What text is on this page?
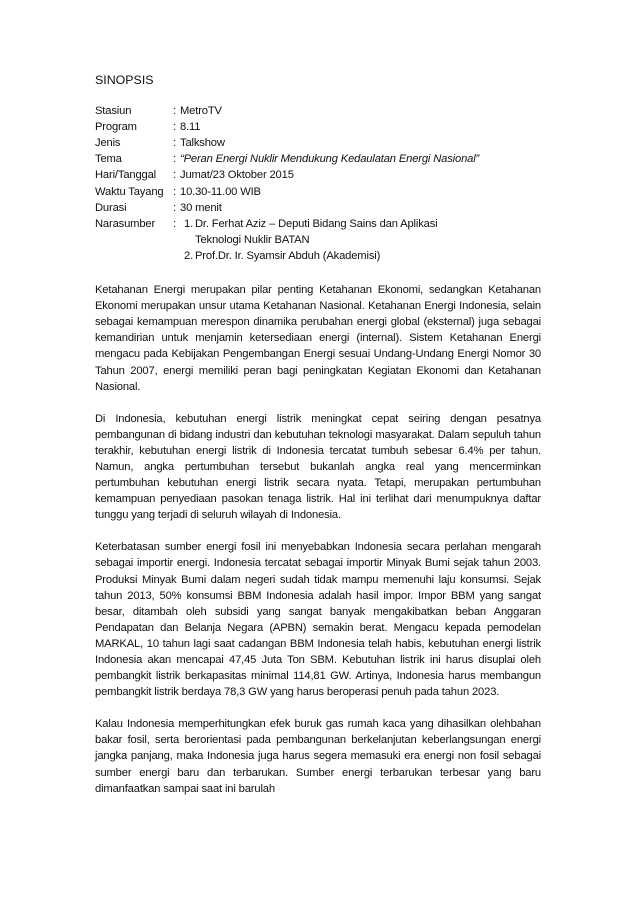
SINOPSIS
Stasiun	: MetroTV
Program	: 8.11
Jenis	: Talkshow
Tema	: “Peran Energi Nuklir Mendukung Kedaulatan Energi Nasional”
Hari/Tanggal	: Jumat/23 Oktober 2015
Waktu Tayang : 10.30-11.00 WIB
Durasi	: 30 menit
Narasumber	: 1. Dr. Ferhat Aziz – Deputi Bidang Sains dan Aplikasi
Teknologi Nuklir BATAN
2. Prof.Dr. Ir. Syamsir Abduh (Akademisi)

Ketahanan Energi merupakan pilar penting Ketahanan Ekonomi, sedangkan Ketahanan Ekonomi merupakan unsur utama Ketahanan Nasional. Ketahanan Energi Indonesia, selain sebagai kemampuan merespon dinamika perubahan energi global (eksternal) juga sebagai kemandirian untuk menjamin ketersediaan energi (internal). Sistem Ketahanan Energi mengacu pada Kebijakan Pengembangan Energi sesuai Undang-Undang Energi Nomor 30 Tahun 2007, energi memiliki peran bagi peningkatan Kegiatan Ekonomi dan Ketahanan Nasional.

Di Indonesia, kebutuhan energi listrik meningkat cepat seiring dengan pesatnya pembangunan di bidang industri dan kebutuhan teknologi masyarakat. Dalam sepuluh tahun terakhir, kebutuhan energi listrik di Indonesia tercatat tumbuh sebesar 6.4% per tahun. Namun, angka pertumbuhan tersebut bukanlah angka real yang mencerminkan pertumbuhan kebutuhan energi listrik secara nyata. Tetapi, merupakan pertumbuhan kemampuan penyediaan pasokan tenaga listrik. Hal ini terlihat dari menumpuknya daftar tunggu yang terjadi di seluruh wilayah di Indonesia.

Keterbatasan sumber energi fosil ini menyebabkan Indonesia secara perlahan mengarah sebagai importir energi. Indonesia tercatat sebagai importir Minyak Bumi sejak tahun 2003. Produksi Minyak Bumi dalam negeri sudah tidak mampu memenuhi laju konsumsi. Sejak tahun 2013, 50% konsumsi BBM Indonesia adalah hasil impor. Impor BBM yang sangat besar, ditambah oleh subsidi yang sangat banyak mengakibatkan beban Anggaran Pendapatan dan Belanja Negara (APBN) semakin berat. Mengacu kepada pemodelan MARKAL, 10 tahun lagi saat cadangan BBM Indonesia telah habis, kebutuhan energi listrik Indonesia akan mencapai 47,45 Juta Ton SBM. Kebutuhan listrik ini harus disuplai oleh pembangkit listrik berkapasitas minimal 114,81 GW. Artinya, Indonesia harus membangun pembangkit listrik berdaya 78,3 GW yang harus beroperasi penuh pada tahun 2023.

Kalau Indonesia memperhitungkan efek buruk gas rumah kaca yang dihasilkan olehbahan bakar fosil, serta berorientasi pada pembangunan berkelanjutan keberlangsungan energi jangka panjang, maka Indonesia juga harus segera memasuki era energi non fosil sebagai sumber energi baru dan terbarukan. Sumber energi terbarukan terbesar yang baru dimanfaatkan sampai saat ini barulah
